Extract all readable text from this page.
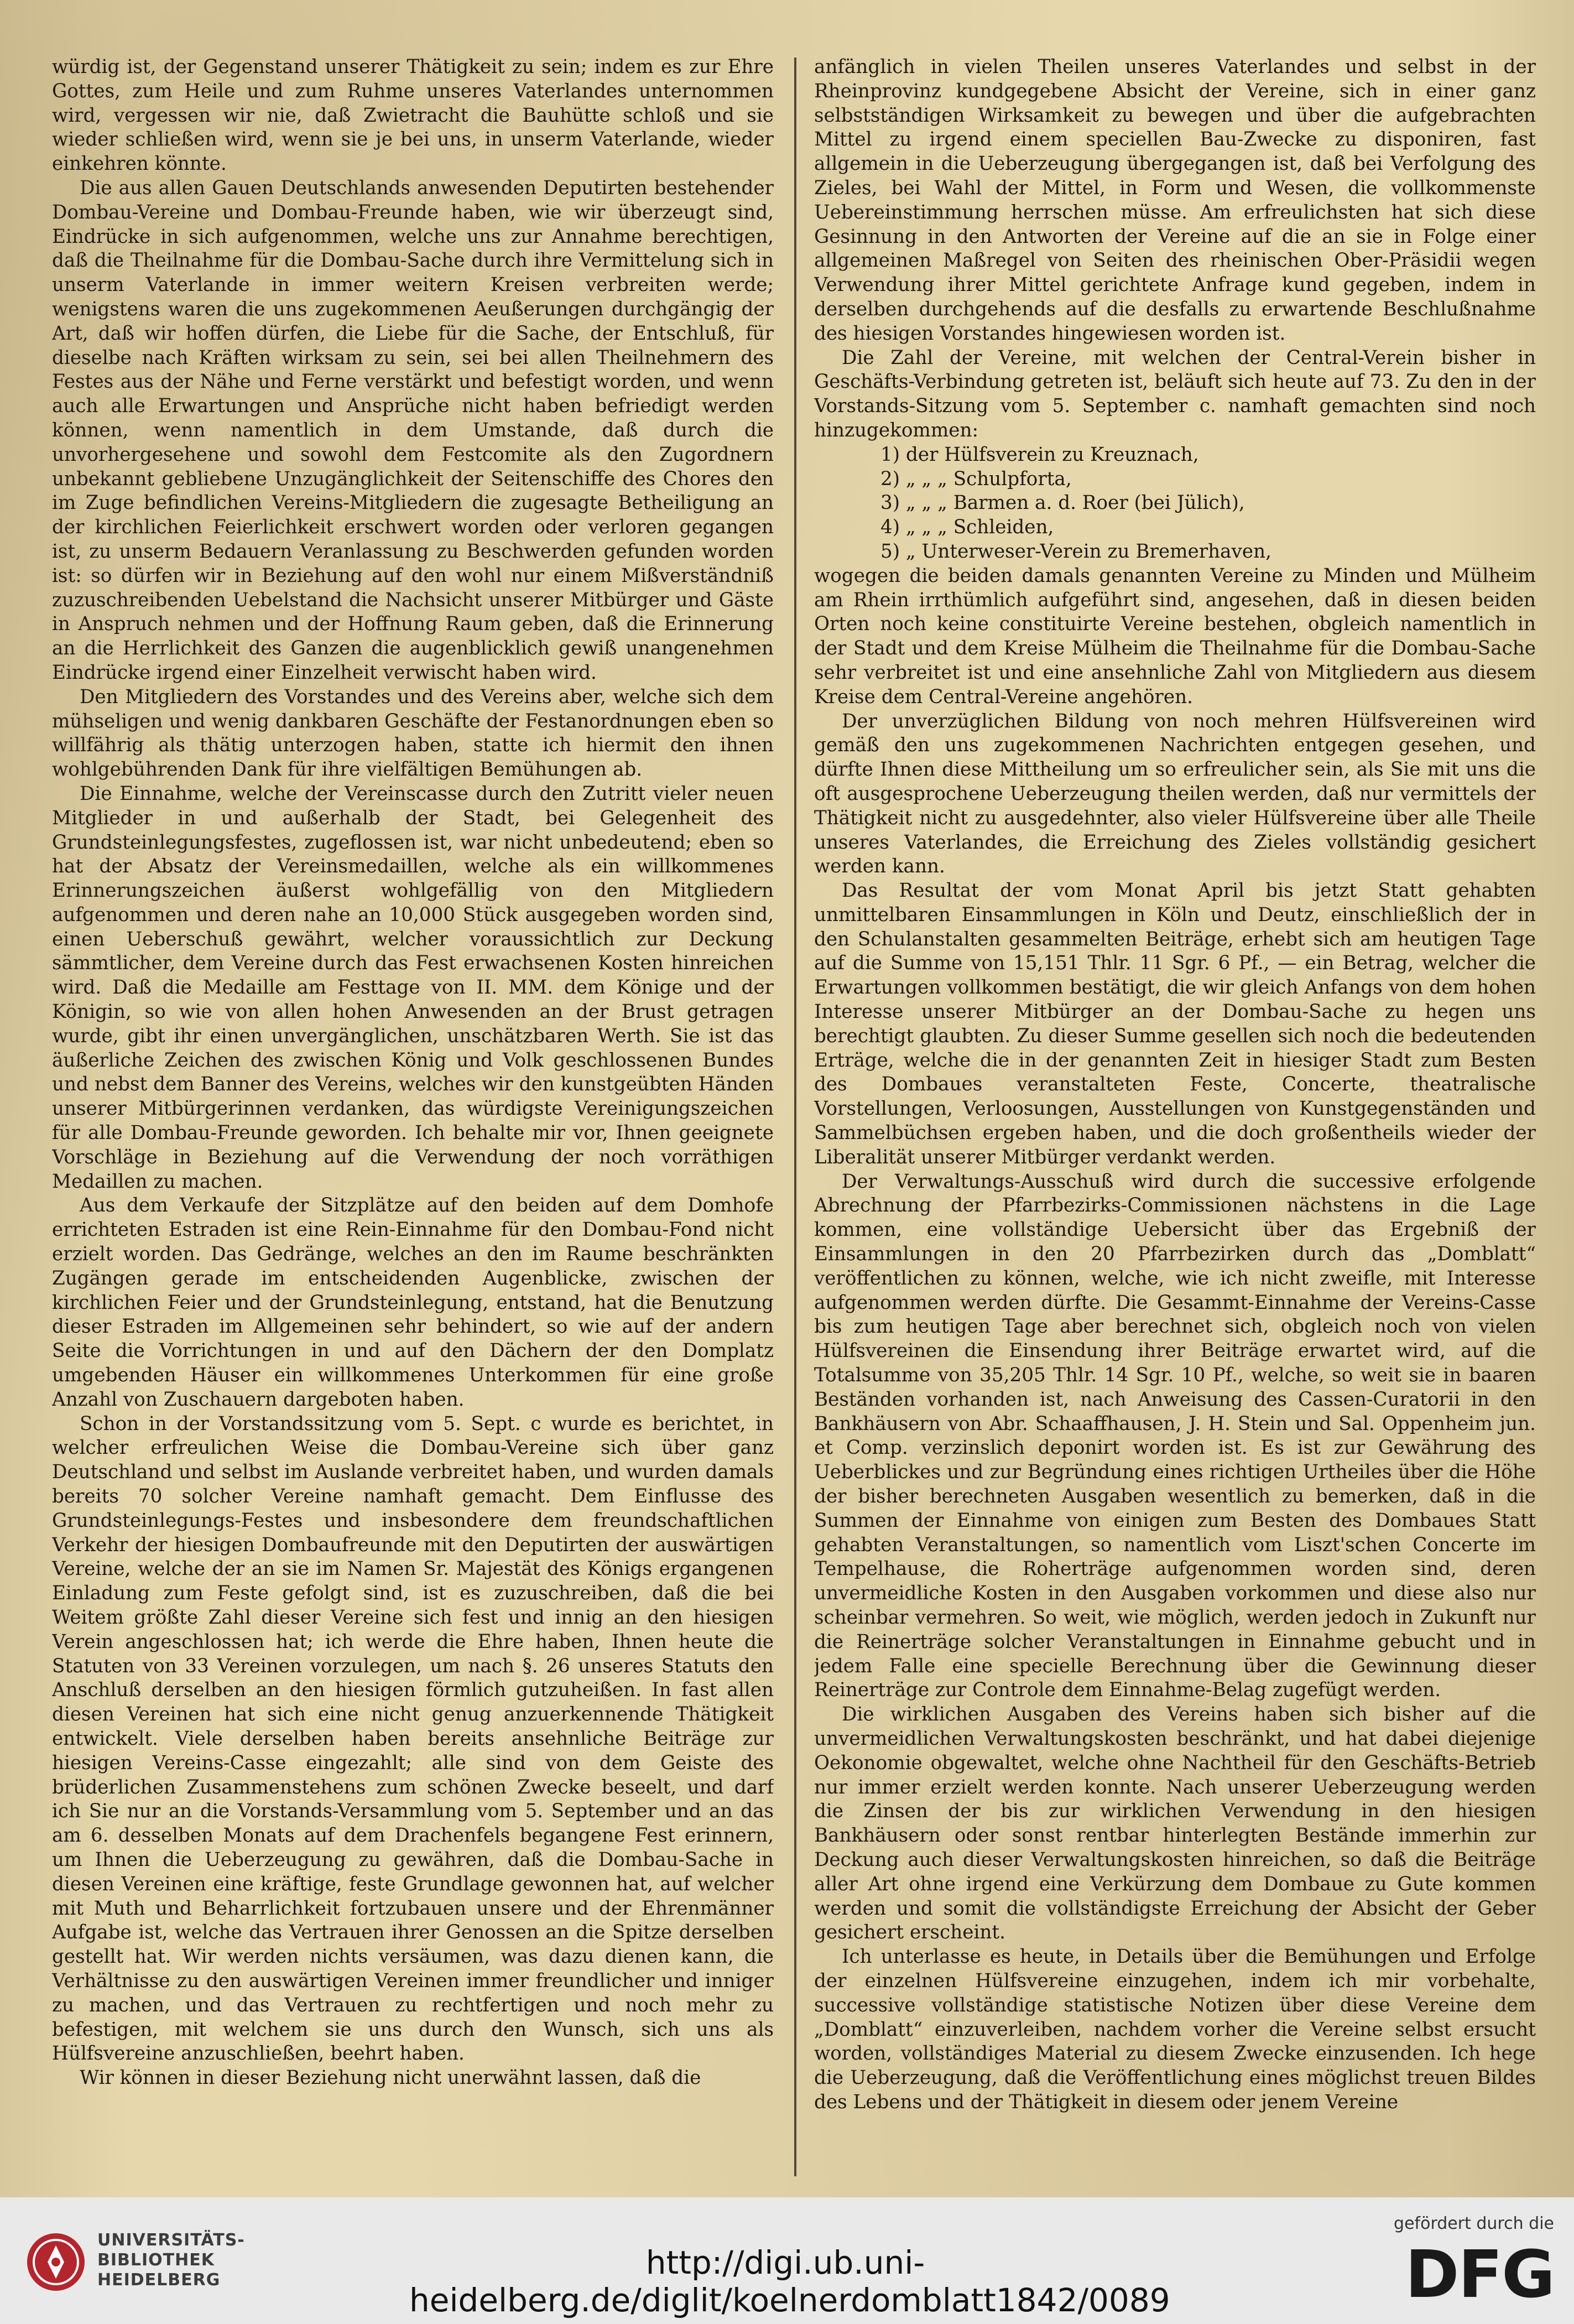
würdig ist, der Gegenstand unserer Thätigkeit zu sein; indem es zur Ehre Gottes, zum Heile und zum Ruhme unseres Vaterlandes unternommen wird, vergessen wir nie, daß Zwietracht die Bauhütte schloß und sie wieder schließen wird, wenn sie je bei uns, in unserm Vaterlande, wieder einkehren könnte.

Die aus allen Gauen Deutschlands anwesenden Deputirten bestehender Dombau-Vereine und Dombau-Freunde haben, wie wir überzeugt sind, Eindrücke in sich aufgenommen, welche uns zur Annahme berechtigen, daß die Theilnahme für die Dombau-Sache durch ihre Vermittelung sich in unserm Vaterlande in immer weitern Kreisen verbreiten werde; wenigstens waren die uns zugekommenen Aeußerungen durchgängig der Art, daß wir hoffen dürfen, die Liebe für die Sache, der Entschluß, für dieselbe nach Kräften wirksam zu sein, sei bei allen Theilnehmern des Festes aus der Nähe und Ferne verstärkt und befestigt worden, und wenn auch alle Erwartungen und Ansprüche nicht haben befriedigt werden können, wenn namentlich in dem Umstande, daß durch die unvorhergesehene und sowohl dem Festcomite als den Zugordnern unbekannt gebliebene Unzugänglichkeit der Seitenschiffe des Chores den im Zuge befindlichen Vereins-Mitgliedern die zugesagte Betheiligung an der kirchlichen Feierlichkeit erschwert worden oder verloren gegangen ist, zu unserm Bedauern Veranlassung zu Beschwerden gefunden worden ist: so dürfen wir in Beziehung auf den wohl nur einem Mißverständniß zuzuschreibenden Uebelstand die Nachsicht unserer Mitbürger und Gäste in Anspruch nehmen und der Hoffnung Raum geben, daß die Erinnerung an die Herrlichkeit des Ganzen die augenblicklich gewiß unangenehmen Eindrücke irgend einer Einzelheit verwischt haben wird.

Den Mitgliedern des Vorstandes und des Vereins aber, welche sich dem mühseligen und wenig dankbaren Geschäfte der Festanordnungen eben so willfährig als thätig unterzogen haben, statte ich hiermit den ihnen wohlgebührenden Dank für ihre vielfältigen Bemühungen ab.

Die Einnahme, welche der Vereinscasse durch den Zutritt vieler neuen Mitglieder in und außerhalb der Stadt, bei Gelegenheit des Grundsteinlegungsfestes, zugeflossen ist, war nicht unbedeutend; eben so hat der Absatz der Vereinsmedaillen, welche als ein willkommenes Erinnerungszeichen äußerst wohlgefällig von den Mitgliedern aufgenommen und deren nahe an 10,000 Stück ausgegeben worden sind, einen Ueberschuß gewährt, welcher voraussichtlich zur Deckung sämmtlicher, dem Vereine durch das Fest erwachsenen Kosten hinreichen wird. Daß die Medaille am Festtage von II. MM. dem Könige und der Königin, so wie von allen hohen Anwesenden an der Brust getragen wurde, gibt ihr einen unvergänglichen, unschätzbaren Werth. Sie ist das äußerliche Zeichen des zwischen König und Volk geschlossenen Bundes und nebst dem Banner des Vereins, welches wir den kunstgeübten Händen unserer Mitbürgerinnen verdanken, das würdigste Vereinigungszeichen für alle Dombau-Freunde geworden. Ich behalte mir vor, Ihnen geeignete Vorschläge in Beziehung auf die Verwendung der noch vorräthigen Medaillen zu machen.

Aus dem Verkaufe der Sitzplätze auf den beiden auf dem Domhofe errichteten Estraden ist eine Rein-Einnahme für den Dombau-Fond nicht erzielt worden. Das Gedränge, welches an den im Raume beschränkten Zugängen gerade im entscheidenden Augenblicke, zwischen der kirchlichen Feier und der Grundsteinlegung, entstand, hat die Benutzung dieser Estraden im Allgemeinen sehr behindert, so wie auf der andern Seite die Vorrichtungen in und auf den Dächern der den Domplatz umgebenden Häuser ein willkommenes Unterkommen für eine große Anzahl von Zuschauern dargeboten haben.

Schon in der Vorstandssitzung vom 5. Sept. c wurde es berichtet, in welcher erfreulichen Weise die Dombau-Vereine sich über ganz Deutschland und selbst im Auslande verbreitet haben, und wurden damals bereits 70 solcher Vereine namhaft gemacht. Dem Einflusse des Grundsteinlegungs-Festes und insbesondere dem freundschaftlichen Verkehr der hiesigen Dombaufreunde mit den Deputirten der auswärtigen Vereine, welche der an sie im Namen Sr. Majestät des Königs ergangenen Einladung zum Feste gefolgt sind, ist es zuzuschreiben, daß die bei Weitem größte Zahl dieser Vereine sich fest und innig an den hiesigen Verein angeschlossen hat; ich werde die Ehre haben, Ihnen heute die Statuten von 33 Vereinen vorzulegen, um nach §. 26 unseres Statuts den Anschluß derselben an den hiesigen förmlich gutzuheißen. In fast allen diesen Vereinen hat sich eine nicht genug anzuerkennende Thätigkeit entwickelt. Viele derselben haben bereits ansehnliche Beiträge zur hiesigen Vereins-Casse eingezahlt; alle sind von dem Geiste des brüderlichen Zusammenstehens zum schönen Zwecke beseelt, und darf ich Sie nur an die Vorstands-Versammlung vom 5. September und an das am 6. desselben Monats auf dem Drachenfels begangene Fest erinnern, um Ihnen die Ueberzeugung zu gewähren, daß die Dombau-Sache in diesen Vereinen eine kräftige, feste Grundlage gewonnen hat, auf welcher mit Muth und Beharrlichkeit fortzubauen unsere und der Ehrenmänner Aufgabe ist, welche das Vertrauen ihrer Genossen an die Spitze derselben gestellt hat. Wir werden nichts versäumen, was dazu dienen kann, die Verhältnisse zu den auswärtigen Vereinen immer freundlicher und inniger zu machen, und das Vertrauen zu rechtfertigen und noch mehr zu befestigen, mit welchem sie uns durch den Wunsch, sich uns als Hülfsvereine anzuschließen, beehrt haben.

Wir können in dieser Beziehung nicht unerwähnt lassen, daß die

anfänglich in vielen Theilen unseres Vaterlandes und selbst in der Rheinprovinz kundgegebene Absicht der Vereine, sich in einer ganz selbstständigen Wirksamkeit zu bewegen und über die aufgebrachten Mittel zu irgend einem speciellen Bau-Zwecke zu disponiren, fast allgemein in die Ueberzeugung übergegangen ist, daß bei Verfolgung des Zieles, bei Wahl der Mittel, in Form und Wesen, die vollkommenste Uebereinstimmung herrschen müsse. Am erfreulichsten hat sich diese Gesinnung in den Antworten der Vereine auf die an sie in Folge einer allgemeinen Maßregel von Seiten des rheinischen Ober-Präsidii wegen Verwendung ihrer Mittel gerichtete Anfrage kund gegeben, indem in derselben durchgehends auf die desfalls zu erwartende Beschlußnahme des hiesigen Vorstandes hingewiesen worden ist.

Die Zahl der Vereine, mit welchen der Central-Verein bisher in Geschäfts-Verbindung getreten ist, beläuft sich heute auf 73. Zu den in der Vorstands-Sitzung vom 5. September c. namhaft gemachten sind noch hinzugekommen:

1) der Hülfsverein zu Kreuznach,
2) „ „ „ Schulpforta,
3) „ „ „ Barmen a. d. Roer (bei Jülich),
4) „ „ „ Schleiden,
5) „ Unterweser-Verein zu Bremerhaven,

wogegen die beiden damals genannten Vereine zu Minden und Mülheim am Rhein irrthümlich aufgeführt sind, angesehen, daß in diesen beiden Orten noch keine constituirte Vereine bestehen, obgleich namentlich in der Stadt und dem Kreise Mülheim die Theilnahme für die Dombau-Sache sehr verbreitet ist und eine ansehnliche Zahl von Mitgliedern aus diesem Kreise dem Central-Vereine angehören.

Der unverzüglichen Bildung von noch mehren Hülfsvereinen wird gemäß den uns zugekommenen Nachrichten entgegen gesehen, und dürfte Ihnen diese Mittheilung um so erfreulicher sein, als Sie mit uns die oft ausgesprochene Ueberzeugung theilen werden, daß nur vermittels der Thätigkeit nicht zu ausgedehnter, also vieler Hülfsvereine über alle Theile unseres Vaterlandes, die Erreichung des Zieles vollständig gesichert werden kann.

Das Resultat der vom Monat April bis jetzt Statt gehabten unmittelbaren Einsammlungen in Köln und Deutz, einschließlich der in den Schulanstalten gesammelten Beiträge, erhebt sich am heutigen Tage auf die Summe von 15,151 Thlr. 11 Sgr. 6 Pf., — ein Betrag, welcher die Erwartungen vollkommen bestätigt, die wir gleich Anfangs von dem hohen Interesse unserer Mitbürger an der Dombau-Sache zu hegen uns berechtigt glaubten. Zu dieser Summe gesellen sich noch die bedeutenden Erträge, welche die in der genannten Zeit in hiesiger Stadt zum Besten des Dombaues veranstalteten Feste, Concerte, theatralische Vorstellungen, Verloosungen, Ausstellungen von Kunstgegenständen und Sammelbüchsen ergeben haben, und die doch großentheils wieder der Liberalität unserer Mitbürger verdankt werden.

Der Verwaltungs-Ausschuß wird durch die successive erfolgende Abrechnung der Pfarrbezirks-Commissionen nächstens in die Lage kommen, eine vollständige Uebersicht über das Ergebniß der Einsammlungen in den 20 Pfarrbezirken durch das „Domblatt“ veröffentlichen zu können, welche, wie ich nicht zweifle, mit Interesse aufgenommen werden dürfte. Die Gesammt-Einnahme der Vereins-Casse bis zum heutigen Tage aber berechnet sich, obgleich noch von vielen Hülfsvereinen die Einsendung ihrer Beiträge erwartet wird, auf die Totalsumme von 35,205 Thlr. 14 Sgr. 10 Pf., welche, so weit sie in baaren Beständen vorhanden ist, nach Anweisung des Cassen-Curatorii in den Bankhäusern von Abr. Schaaffhausen, J. H. Stein und Sal. Oppenheim jun. et Comp. verzinslich deponirt worden ist. Es ist zur Gewährung des Ueberblickes und zur Begründung eines richtigen Urtheiles über die Höhe der bisher berechneten Ausgaben wesentlich zu bemerken, daß in die Summen der Einnahme von einigen zum Besten des Dombaues Statt gehabten Veranstaltungen, so namentlich vom Liszt'schen Concerte im Tempelhause, die Roherträge aufgenommen worden sind, deren unvermeidliche Kosten in den Ausgaben vorkommen und diese also nur scheinbar vermehren. So weit, wie möglich, werden jedoch in Zukunft nur die Reinerträge solcher Veranstaltungen in Einnahme gebucht und in jedem Falle eine specielle Berechnung über die Gewinnung dieser Reinerträge zur Controle dem Einnahme-Belag zugefügt werden.

Die wirklichen Ausgaben des Vereins haben sich bisher auf die unvermeidlichen Verwaltungskosten beschränkt, und hat dabei diejenige Oekonomie obgewaltet, welche ohne Nachtheil für den Geschäfts-Betrieb nur immer erzielt werden konnte. Nach unserer Ueberzeugung werden die Zinsen der bis zur wirklichen Verwendung in den hiesigen Bankhäusern oder sonst rentbar hinterlegten Bestände immerhin zur Deckung auch dieser Verwaltungskosten hinreichen, so daß die Beiträge aller Art ohne irgend eine Verkürzung dem Dombaue zu Gute kommen werden und somit die vollständigste Erreichung der Absicht der Geber gesichert erscheint.

Ich unterlasse es heute, in Details über die Bemühungen und Erfolge der einzelnen Hülfsvereine einzugehen, indem ich mir vorbehalte, successive vollständige statistische Notizen über diese Vereine dem „Domblatt“ einzuverleiben, nachdem vorher die Vereine selbst ersucht worden, vollständiges Material zu diesem Zwecke einzusenden. Ich hege die Ueberzeugung, daß die Veröffentlichung eines möglichst treuen Bildes des Lebens und der Thätigkeit in diesem oder jenem Vereine

UNIVERSITÄTS-
BIBLIOTHEK
HEIDELBERG	http://digi.ub.uni-heidelberg.de/diglit/koelnerdomblatt1842/0089
gefördert durch die
DFG
